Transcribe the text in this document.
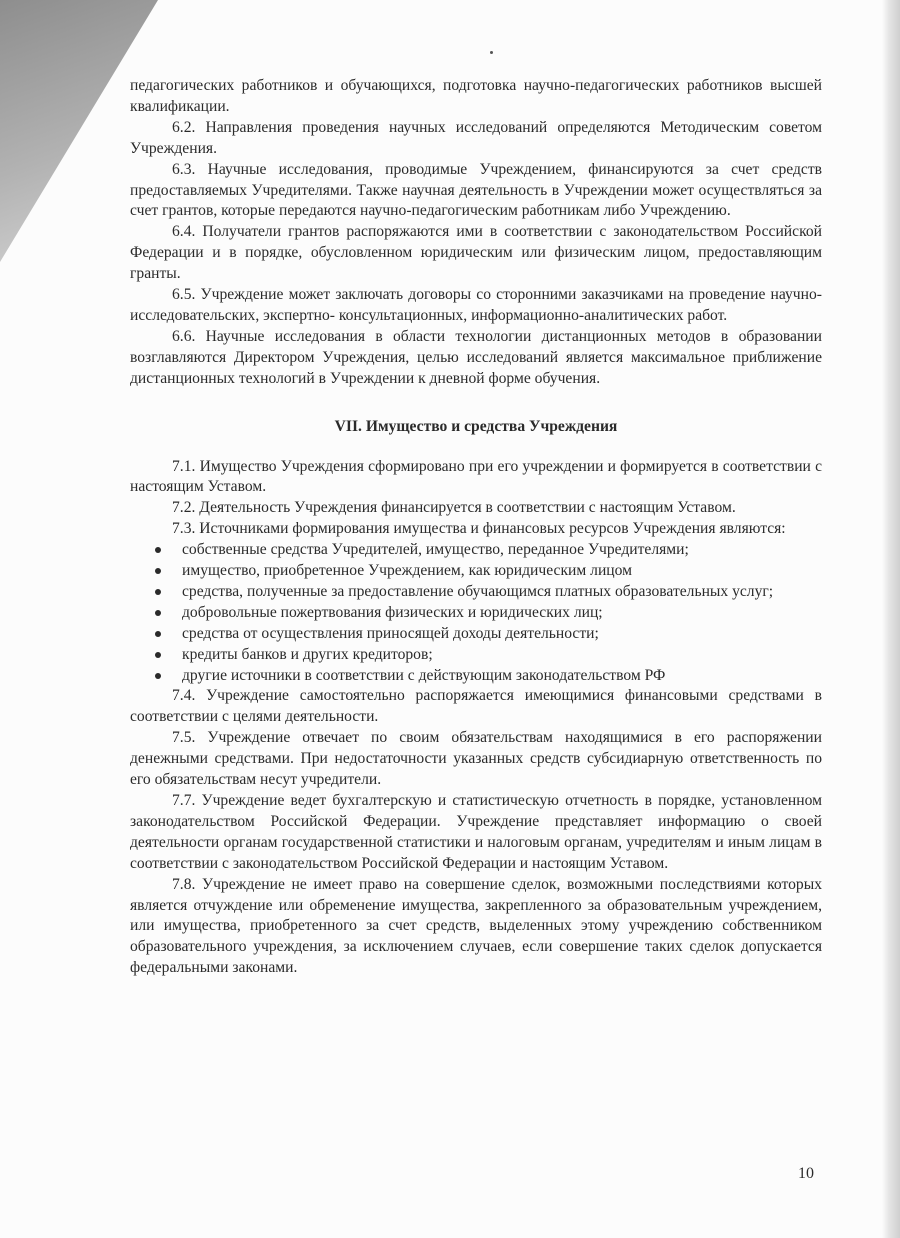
педагогических работников и обучающихся, подготовка научно-педагогических работников высшей квалификации.

6.2. Направления проведения научных исследований определяются Методическим советом Учреждения.

6.3. Научные исследования, проводимые Учреждением, финансируются за счет средств предоставляемых Учредителями. Также научная деятельность в Учреждении может осуществляться за счет грантов, которые передаются научно-педагогическим работникам либо Учреждению.

6.4. Получатели грантов распоряжаются ими в соответствии с законодательством Российской Федерации и в порядке, обусловленном юридическим или физическим лицом, предоставляющим гранты.

6.5. Учреждение может заключать договоры со сторонними заказчиками на проведение научно-исследовательских, экспертно- консультационных, информационно-аналитических работ.

6.6. Научные исследования в области технологии дистанционных методов в образовании возглавляются Директором Учреждения, целью исследований является максимальное приближение дистанционных технологий в Учреждении к дневной форме обучения.

VII. Имущество и средства Учреждения

7.1. Имущество Учреждения сформировано при его учреждении и формируется в соответствии с настоящим Уставом.

7.2. Деятельность Учреждения финансируется в соответствии с настоящим Уставом.

7.3. Источниками формирования имущества и финансовых ресурсов Учреждения являются:

собственные средства Учредителей, имущество, переданное Учредителями;
имущество, приобретенное Учреждением, как юридическим лицом
средства, полученные за предоставление обучающимся платных образовательных услуг;
добровольные пожертвования физических и юридических лиц;
средства от осуществления приносящей доходы деятельности;
кредиты банков и других кредиторов;
другие источники в соответствии с действующим законодательством РФ

7.4. Учреждение самостоятельно распоряжается имеющимися финансовыми средствами в соответствии с целями деятельности.

7.5. Учреждение отвечает по своим обязательствам находящимися в его распоряжении денежными средствами. При недостаточности указанных средств субсидиарную ответственность по его обязательствам несут учредители.

7.7. Учреждение ведет бухгалтерскую и статистическую отчетность в порядке, установленном законодательством Российской Федерации. Учреждение представляет информацию о своей деятельности органам государственной статистики и налоговым органам, учредителям и иным лицам в соответствии с законодательством Российской Федерации и настоящим Уставом.

7.8. Учреждение не имеет право на совершение сделок, возможными последствиями которых является отчуждение или обременение имущества, закрепленного за образовательным учреждением, или имущества, приобретенного за счет средств, выделенных этому учреждению собственником образовательного учреждения, за исключением случаев, если совершение таких сделок допускается федеральными законами.

10
